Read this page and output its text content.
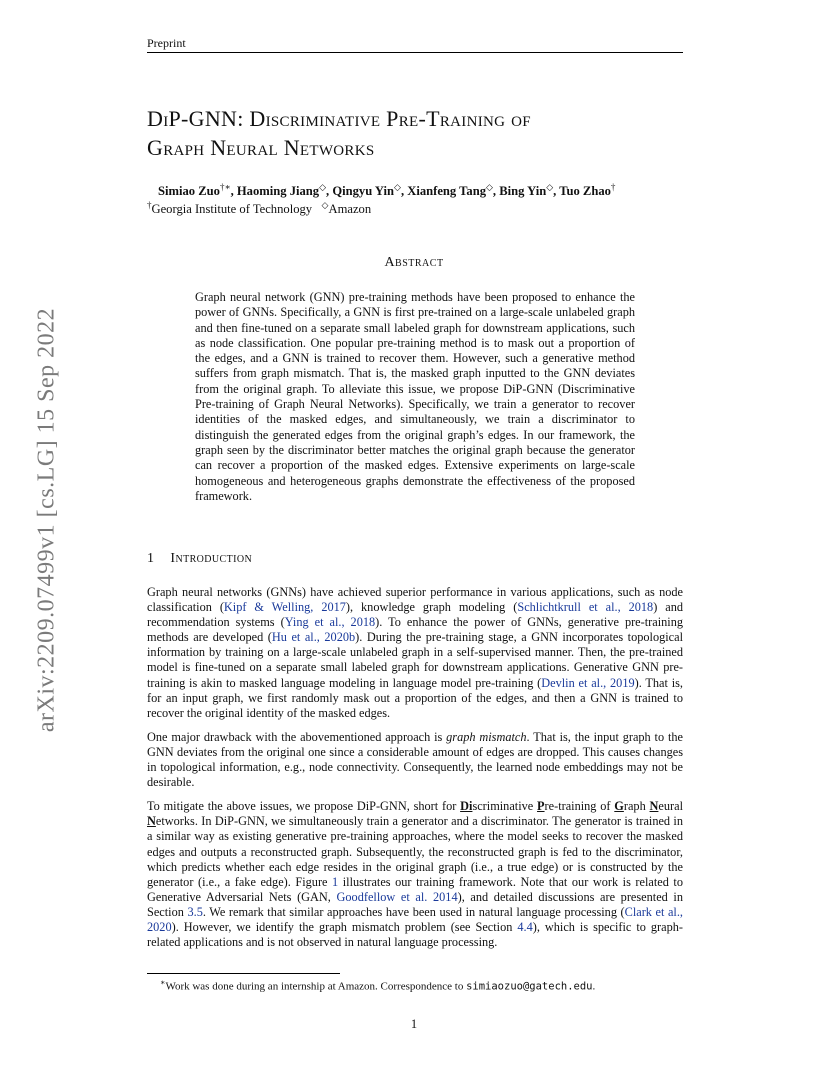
Preprint
arXiv:2209.07499v1 [cs.LG] 15 Sep 2022
DiP-GNN: Discriminative Pre-Training of
Graph Neural Networks
Simiao Zuo†∗, Haoming Jiang◇, Qingyu Yin◇, Xianfeng Tang◇, Bing Yin◇, Tuo Zhao†
†Georgia Institute of Technology ◇Amazon
Abstract
Graph neural network (GNN) pre-training methods have been proposed to enhance the power of GNNs. Specifically, a GNN is first pre-trained on a large-scale unlabeled graph and then fine-tuned on a separate small labeled graph for downstream applications, such as node classification. One popular pre-training method is to mask out a proportion of the edges, and a GNN is trained to recover them. However, such a generative method suffers from graph mismatch. That is, the masked graph inputted to the GNN deviates from the original graph. To alleviate this issue, we propose DiP-GNN (Discriminative Pre-training of Graph Neural Networks). Specifically, we train a generator to recover identities of the masked edges, and simultaneously, we train a discriminator to distinguish the generated edges from the original graph’s edges. In our framework, the graph seen by the discriminator better matches the original graph because the generator can recover a proportion of the masked edges. Extensive experiments on large-scale homogeneous and heterogeneous graphs demonstrate the effectiveness of the proposed framework.
1 Introduction

Graph neural networks (GNNs) have achieved superior performance in various applications, such as node classification (Kipf & Welling, 2017), knowledge graph modeling (Schlichtkrull et al., 2018) and recommendation systems (Ying et al., 2018). To enhance the power of GNNs, generative pre-training methods are developed (Hu et al., 2020b). During the pre-training stage, a GNN incorporates topological information by training on a large-scale unlabeled graph in a self-supervised manner. Then, the pre-trained model is fine-tuned on a separate small labeled graph for downstream applications. Generative GNN pre-training is akin to masked language modeling in language model pre-training (Devlin et al., 2019). That is, for an input graph, we first randomly mask out a proportion of the edges, and then a GNN is trained to recover the original identity of the masked edges.

One major drawback with the abovementioned approach is graph mismatch. That is, the input graph to the GNN deviates from the original one since a considerable amount of edges are dropped. This causes changes in topological information, e.g., node connectivity. Consequently, the learned node embeddings may not be desirable.

To mitigate the above issues, we propose DiP-GNN, short for Discriminative Pre-training of Graph Neural Networks. In DiP-GNN, we simultaneously train a generator and a discriminator. The generator is trained in a similar way as existing generative pre-training approaches, where the model seeks to recover the masked edges and outputs a reconstructed graph. Subsequently, the reconstructed graph is fed to the discriminator, which predicts whether each edge resides in the original graph (i.e., a true edge) or is constructed by the generator (i.e., a fake edge). Figure 1 illustrates our training framework. Note that our work is related to Generative Adversarial Nets (GAN, Goodfellow et al. 2014), and detailed discussions are presented in Section 3.5. We remark that similar approaches have been used in natural language processing (Clark et al., 2020). However, we identify the graph mismatch problem (see Section 4.4), which is specific to graph-related applications and is not observed in natural language processing.

∗Work was done during an internship at Amazon. Correspondence to simiaozuo@gatech.edu.
1
